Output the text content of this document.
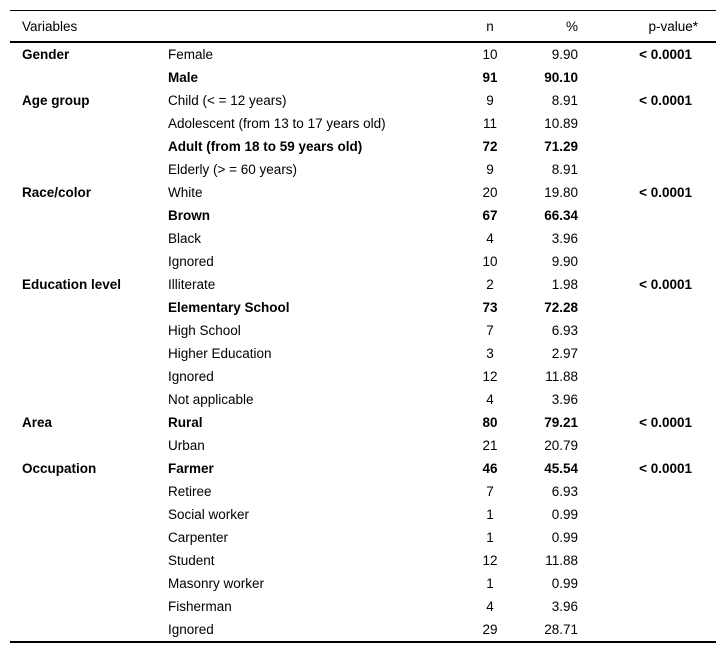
Variables		n	%	p-value*
Gender	Female	10	9.90	< 0.0001
	Male	91	90.10	
Age group	Child (< = 12 years)	9	8.91	< 0.0001
	Adolescent (from 13 to 17 years old)	11	10.89	
	Adult (from 18 to 59 years old)	72	71.29	
	Elderly (> = 60 years)	9	8.91	
Race/color	White	20	19.80	< 0.0001
	Brown	67	66.34	
	Black	4	3.96	
	Ignored	10	9.90	
Education level	Illiterate	2	1.98	< 0.0001
	Elementary School	73	72.28	
	High School	7	6.93	
	Higher Education	3	2.97	
	Ignored	12	11.88	
	Not applicable	4	3.96	
Area	Rural	80	79.21	< 0.0001
	Urban	21	20.79	
Occupation	Farmer	46	45.54	< 0.0001
	Retiree	7	6.93	
	Social worker	1	0.99	
	Carpenter	1	0.99	
	Student	12	11.88	
	Masonry worker	1	0.99	
	Fisherman	4	3.96	
	Ignored	29	28.71	
